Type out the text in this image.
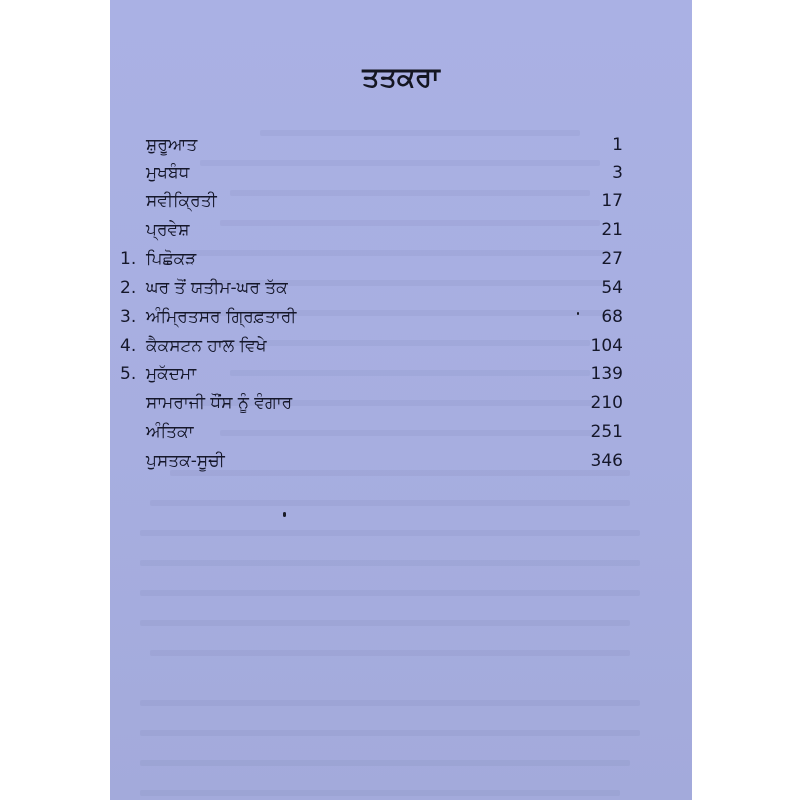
ਤਤਕਰਾ
ਸ਼ੁਰੂਆਤ	1
ਮੁਖਬੰਧ	3
ਸਵੀਕ੍ਰਿਤੀ	17
ਪ੍ਰਵੇਸ਼	21
1. ਪਿਛੋਕੜ	27
2. ਘਰ ਤੋਂ ਯਤੀਮ-ਘਰ ਤੱਕ	54
3. ਅੰਮ੍ਰਿਤਸਰ ਗ੍ਰਿਫ਼ਤਾਰੀ	68
4. ਕੈਕਸਟਨ ਹਾਲ ਵਿਖੇ	104
5. ਮੁਕੱਦਮਾ	139
ਸਾਮਰਾਜੀ ਧੌਂਸ ਨੂੰ ਵੰਗਾਰ	210
ਅੰਤਿਕਾ	251
ਪੁਸਤਕ-ਸੂਚੀ	346
